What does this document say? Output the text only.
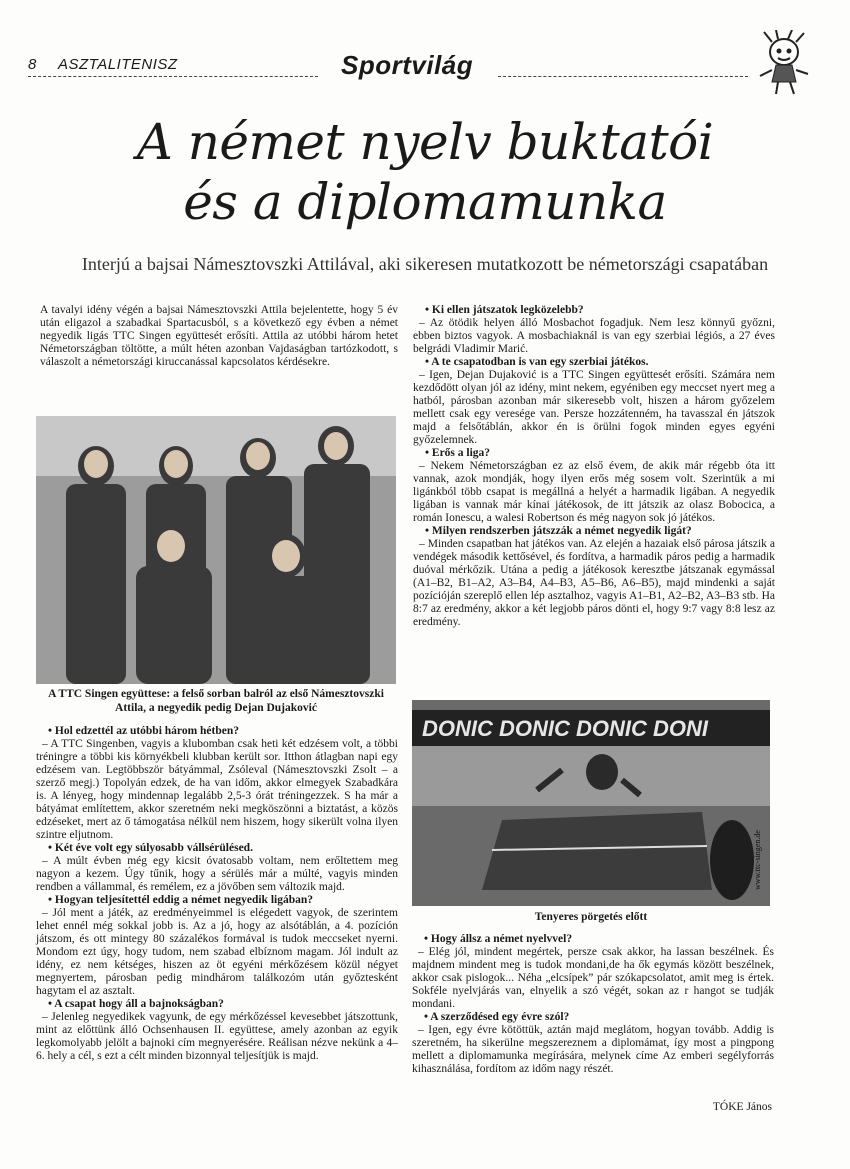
8 ASZTALITENISZ	Sportvilág
A német nyelv buktatói
és a diplomamunka
Interjú a bajsai Námesztovszki Attilával, aki sikeresen mutatkozott be németországi csapatában

A tavalyi idény végén a bajsai Námesztovszki Attila bejelentette, hogy 5 év után eligazol a szabadkai Spartacusból, s a következő egy évben a német negyedik ligás TTC Singen együttesét erősíti. Attila az utóbbi három hetet Németországban töltötte, a múlt héten azonban Vajdaságban tartózkodott, s válaszolt a németországi kiruccanással kapcsolatos kérdésekre.

A TTC Singen együttese: a felső sorban balról az első Námesztovszki Attila, a negyedik pedig Dejan Dujaković

• Hol edzettél az utóbbi három hétben?

– A TTC Singenben, vagyis a klubomban csak heti két edzésem volt, a többi tréningre a többi kis környékbeli klubban került sor. Itthon átlagban napi egy edzésem van. Legtöbbször bátyámmal, Zsóleval (Námesztovszki Zsolt – a szerző megj.) Topolyán edzek, de ha van időm, akkor elmegyek Szabadkára is. A lényeg, hogy mindennap legalább 2,5-3 órát tréningezzek. S ha már a bátyámat említettem, akkor szeretném neki megköszönni a biztatást, a közös edzéseket, mert az ő támogatása nélkül nem hiszem, hogy sikerült volna ilyen szintre eljutnom.

• Két éve volt egy súlyosabb vállsérülésed.

– A múlt évben még egy kicsit óvatosabb voltam, nem erőltettem meg nagyon a kezem. Úgy tűnik, hogy a sérülés már a múlté, vagyis minden rendben a vállammal, és remélem, ez a jövőben sem változik majd.

• Hogyan teljesítettél eddig a német negyedik ligában?

– Jól ment a játék, az eredményeimmel is elégedett vagyok, de szerintem lehet ennél még sokkal jobb is. Az a jó, hogy az alsótáblán, a 4. pozíción játszom, és ott mintegy 80 százalékos formával is tudok meccseket nyerni. Mondom ezt úgy, hogy tudom, nem szabad elbíznom magam. Jól indult az idény, ez nem kétséges, hiszen az öt egyéni mérkőzésem közül négyet megnyertem, párosban pedig mindhárom találkozóm után győztesként hagytam el az asztalt.

• A csapat hogy áll a bajnokságban?

– Jelenleg negyedikek vagyunk, de egy mérkőzéssel kevesebbet játszottunk, mint az előttünk álló Ochsenhausen II. együttese, amely azonban az egyik legkomolyabb jelölt a bajnoki cím megnyerésére. Reálisan nézve nekünk a 4–6. hely a cél, s ezt a célt minden bizonnyal teljesítjük is majd.

• Ki ellen játszatok legközelebb?

– Az ötödik helyen álló Mosbachot fogadjuk. Nem lesz könnyű győzni, ebben biztos vagyok. A mosbachiaknál is van egy szerbiai légiós, a 27 éves belgrádi Vladimir Marić.

• A te csapatodban is van egy szerbiai játékos.

– Igen, Dejan Dujaković is a TTC Singen együttesét erősíti. Számára nem kezdődött olyan jól az idény, mint nekem, egyéniben egy meccset nyert meg a hatból, párosban azonban már sikeresebb volt, hiszen a három győzelem mellett csak egy veresége van. Persze hozzátenném, ha tavasszal én játszok majd a felsőtáblán, akkor én is örülni fogok minden egyes egyéni győzelemnek.

• Erős a liga?

– Nekem Németországban ez az első évem, de akik már régebb óta itt vannak, azok mondják, hogy ilyen erős még sosem volt. Szerintük a mi ligánkból több csapat is megállná a helyét a harmadik ligában. A negyedik ligában is vannak már kínai játékosok, de itt játszik az olasz Bobocica, a román Ionescu, a walesi Robertson és még nagyon sok jó játékos.

• Milyen rendszerben játszzák a német negyedik ligát?

– Minden csapatban hat játékos van. Az elején a hazaiak első párosa játszik a vendégek második kettősével, és fordítva, a harmadik páros pedig a harmadik duóval mérkőzik. Utána a pedig a játékosok keresztbe játszanak egymással (A1–B2, B1–A2, A3–B4, A4–B3, A5–B6, A6–B5), majd mindenki a saját pozícióján szereplő ellen lép asztalhoz, vagyis A1–B1, A2–B2, A3–B3 stb. Ha 8:7 az eredmény, akkor a két legjobb páros dönti el, hogy 9:7 vagy 8:8 lesz az eredmény.

DONIC DONIC DONIC DONI
www.ttc-singen.de
Tenyeres pörgetés előtt

• Hogy állsz a német nyelvvel?

– Elég jól, mindent megértek, persze csak akkor, ha lassan beszélnek. És majdnem mindent meg is tudok mondani,de ha ők egymás között beszélnek, akkor csak pislogok... Néha „elcsípek” pár szókapcsolatot, amit meg is értek. Sokféle nyelvjárás van, elnyelik a szó végét, sokan az r hangot se tudják mondani.

• A szerződésed egy évre szól?

– Igen, egy évre kötöttük, aztán majd meglátom, hogyan tovább. Addig is szeretném, ha sikerülne megszereznem a diplomámat, így most a pingpong mellett a diplomamunka megírására, melynek címe Az emberi segélyforrás kihasználása, fordítom az időm nagy részét.

TÓKE János
